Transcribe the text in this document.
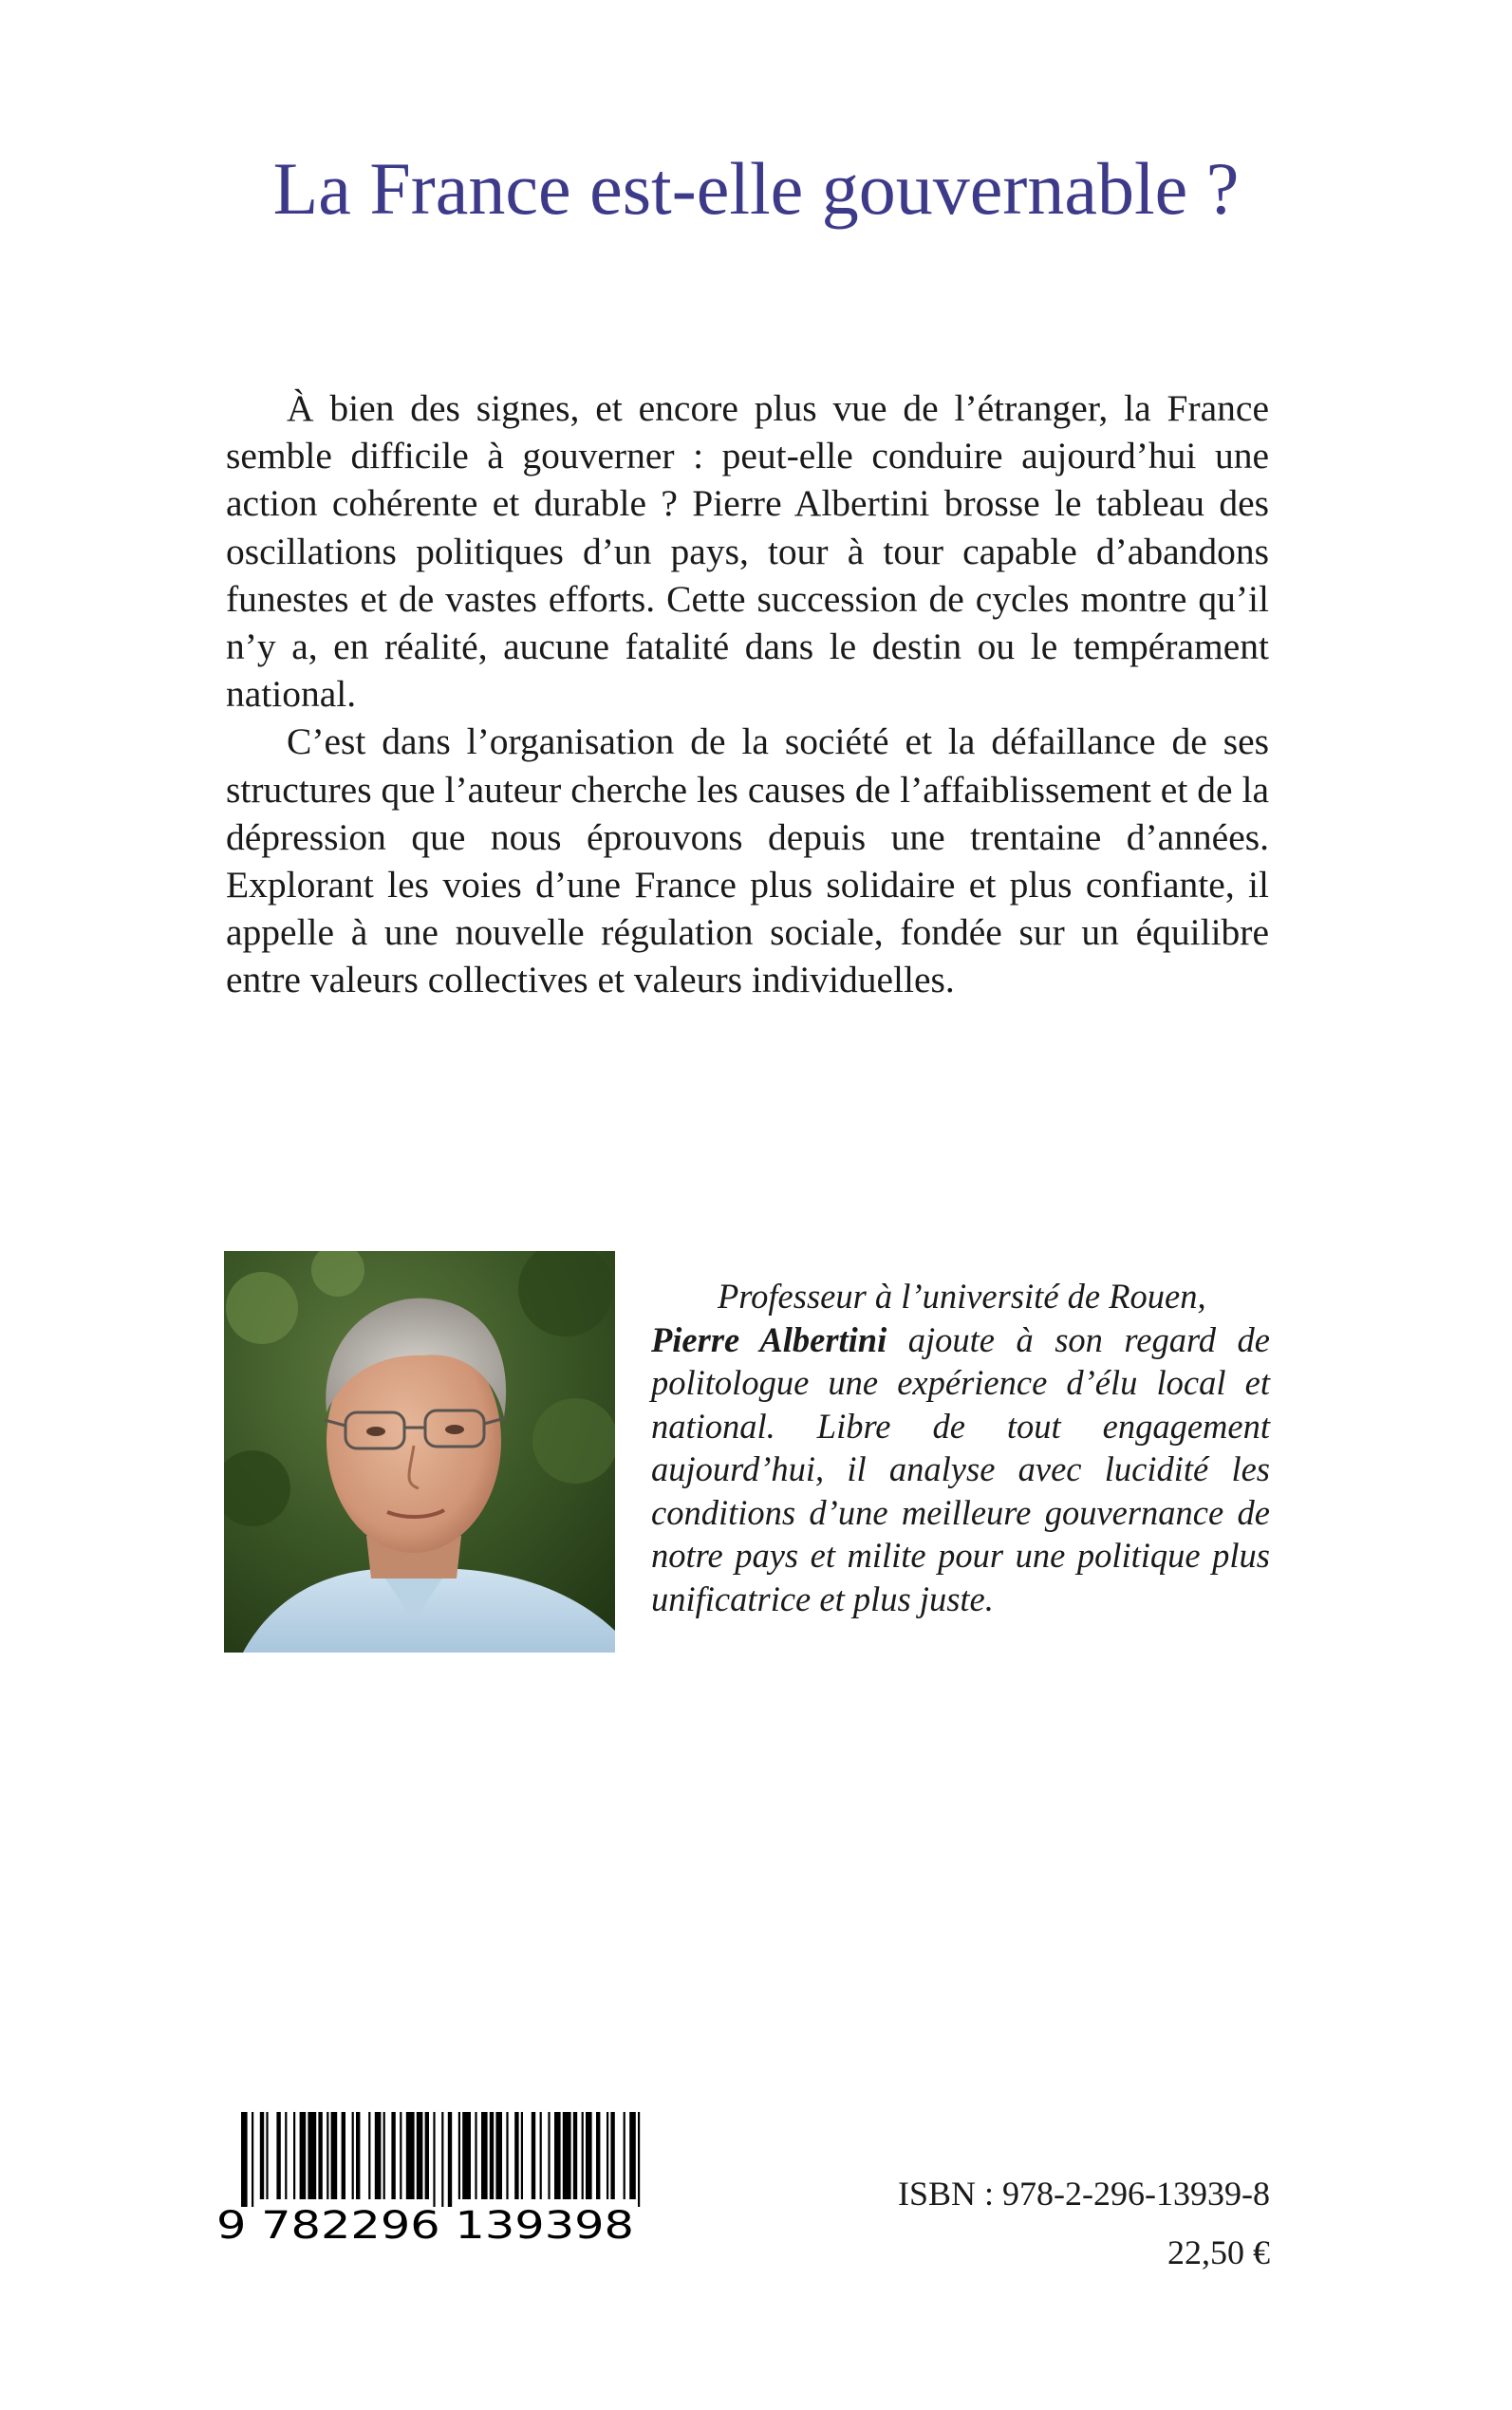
La France est-elle gouvernable ?

À bien des signes, et encore plus vue de l’étranger, la France semble difficile à gouverner : peut-elle conduire aujourd’hui une action cohérente et durable ? Pierre Albertini brosse le tableau des oscillations politiques d’un pays, tour à tour capable d’abandons funestes et de vastes efforts. Cette succession de cycles montre qu’il n’y a, en réalité, aucune fatalité dans le destin ou le tempérament national.

C’est dans l’organisation de la société et la défaillance de ses structures que l’auteur cherche les causes de l’affaiblissement et de la dépression que nous éprouvons depuis une trentaine d’années. Explorant les voies d’une France plus solidaire et plus confiante, il appelle à une nouvelle régulation sociale, fondée sur un équilibre entre valeurs collectives et valeurs individuelles.

Professeur à l’université de Rouen,
Pierre Albertini ajoute à son regard de politologue une expérience d’élu local et national. Libre de tout engagement aujourd’hui, il analyse avec lucidité les conditions d’une meilleure gouvernance de notre pays et milite pour une politique plus unificatrice et plus juste.
9 782296 139398

ISBN : 978-2-296-13939-8

22,50 €
